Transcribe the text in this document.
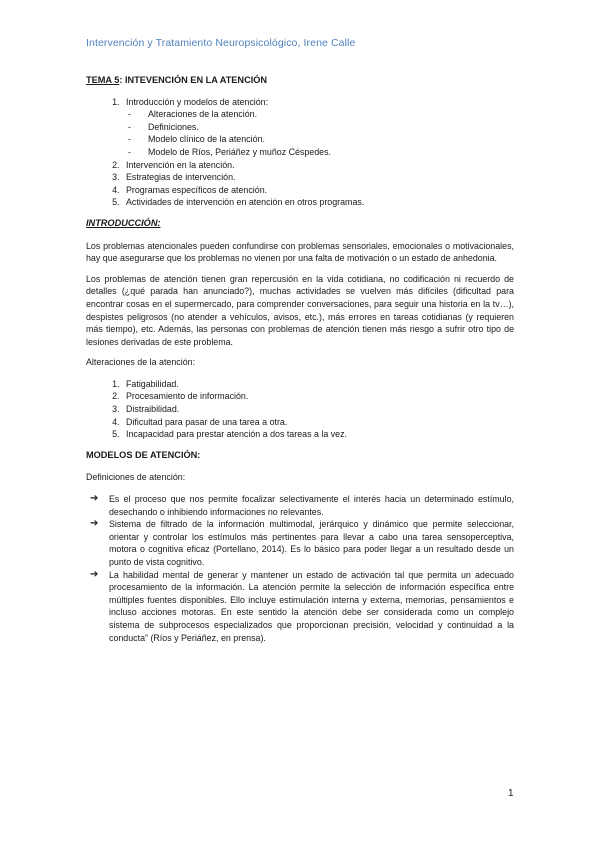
Intervención y Tratamiento Neuropsicológico, Irene Calle
TEMA 5: INTEVENCIÓN EN LA ATENCIÓN
1. Introducción y modelos de atención:
- Alteraciones de la atención.
- Definiciones.
- Modelo clínico de la atención.
- Modelo de Ríos, Periáñez y muñoz Céspedes.
2. Intervención en la atención.
3. Estrategias de intervención.
4. Programas específicos de atención.
5. Actividades de intervención en atención en otros programas.
INTRODUCCIÓN:

Los problemas atencionales pueden confundirse con problemas sensoriales, emocionales o motivacionales, hay que asegurarse que los problemas no vienen por una falta de motivación o un estado de anhedonia.

Los problemas de atención tienen gran repercusión en la vida cotidiana, no codificación ni recuerdo de detalles (¿qué parada han anunciado?), muchas actividades se vuelven más difíciles (dificultad para encontrar cosas en el supermercado, para comprender conversaciones, para seguir una historia en la tv…), despistes peligrosos (no atender a vehículos, avisos, etc.), más errores en tareas cotidianas (y requieren más tiempo), etc. Además, las personas con problemas de atención tienen más riesgo a sufrir otro tipo de lesiones derivadas de este problema.

Alteraciones de la atención:
1. Fatigabilidad.
2. Procesamiento de información.
3. Distraibilidad.
4. Dificultad para pasar de una tarea a otra.
5. Incapacidad para prestar atención a dos tareas a la vez.
MODELOS DE ATENCIÓN:
Definiciones de atención:
➔ Es el proceso que nos permite focalizar selectivamente el interés hacia un determinado estímulo, desechando o inhibiendo informaciones no relevantes.
➔ Sistema de filtrado de la información multimodal, jerárquico y dinámico que permite seleccionar, orientar y controlar los estímulos más pertinentes para llevar a cabo una tarea sensoperceptiva, motora o cognitiva eficaz (Portellano, 2014). Es lo básico para poder llegar a un resultado desde un punto de vista cognitivo.
➔ La habilidad mental de generar y mantener un estado de activación tal que permita un adecuado procesamiento de la información. La atención permite la selección de información específica entre múltiples fuentes disponibles. Ello incluye estimulación interna y externa, memorias, pensamientos e incluso acciones motoras. En este sentido la atención debe ser considerada como un complejo sistema de subprocesos especializados que proporcionan precisión, velocidad y continuidad a la conducta” (Ríos y Periáñez, en prensa).
1
